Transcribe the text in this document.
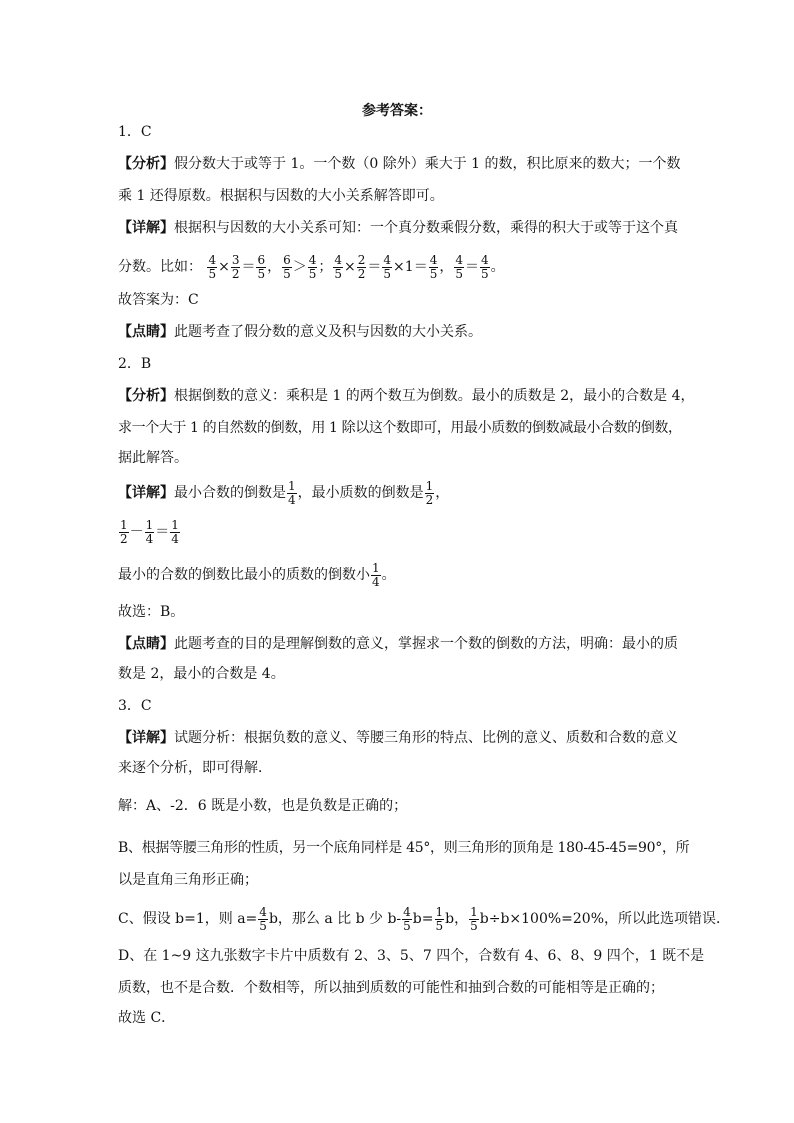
参考答案：
1．C
【分析】假分数大于或等于 1。一个数（0 除外）乘大于 1 的数，积比原来的数大；一个数
乘 1 还得原数。根据积与因数的大小关系解答即可。
【详解】根据积与因数的大小关系可知：一个真分数乘假分数，乘得的积大于或等于这个真
分数。比如： $\frac{4}{5} \times \frac{3}{2} = \frac{6}{5}$ ， $\frac{6}{5} > \frac{4}{5}$ ； $\frac{4}{5} \times \frac{2}{2} = \frac{4}{5} \times 1= \frac{4}{5}$ ， $\frac{4}{5} = \frac{4}{5}$ 。
故答案为：C
【点睛】此题考查了假分数的意义及积与因数的大小关系。
2．B
【分析】根据倒数的意义：乘积是 1 的两个数互为倒数。最小的质数是 2，最小的合数是 4，
求一个大于 1 的自然数的倒数，用 1 除以这个数即可，用最小质数的倒数减最小合数的倒数，
据此解答。
【详解】最小合数的倒数是 $\frac{1}{4}$ ，最小质数的倒数是 $\frac{1}{2}$ ，
$\frac{1}{2} - \frac{1}{4} = \frac{1}{4}$
最小的合数的倒数比最小的质数的倒数小 $\frac{1}{4}$ 。
故选：B。
【点睛】此题考查的目的是理解倒数的意义，掌握求一个数的倒数的方法，明确：最小的质
数是 2，最小的合数是 4。
3．C
【详解】试题分析：根据负数的意义、等腰三角形的特点、比例的意义、质数和合数的意义
来逐个分析，即可得解．
解：A、-2．6 既是小数，也是负数是正确的；
B、根据等腰三角形的性质，另一个底角同样是 45°，则三角形的顶角是 180-45-45=90°，所
以是直角三角形正确；
C、假设 b=1，则 $a= \frac{4}{5}$ b，那么 a 比 b 少 $b- \frac{4}{5} b= \frac{1}{5}$ b， $\frac{1}{5} b\div b\times 100\%=20\%$，所以此选项错误．
D、在 1~9 这九张数字卡片中质数有 2、3、5、7 四个，合数有 4、6、8、9 四个，1 既不是
质数，也不是合数．个数相等，所以抽到质数的可能性和抽到合数的可能相等是正确的；
故选 C．
